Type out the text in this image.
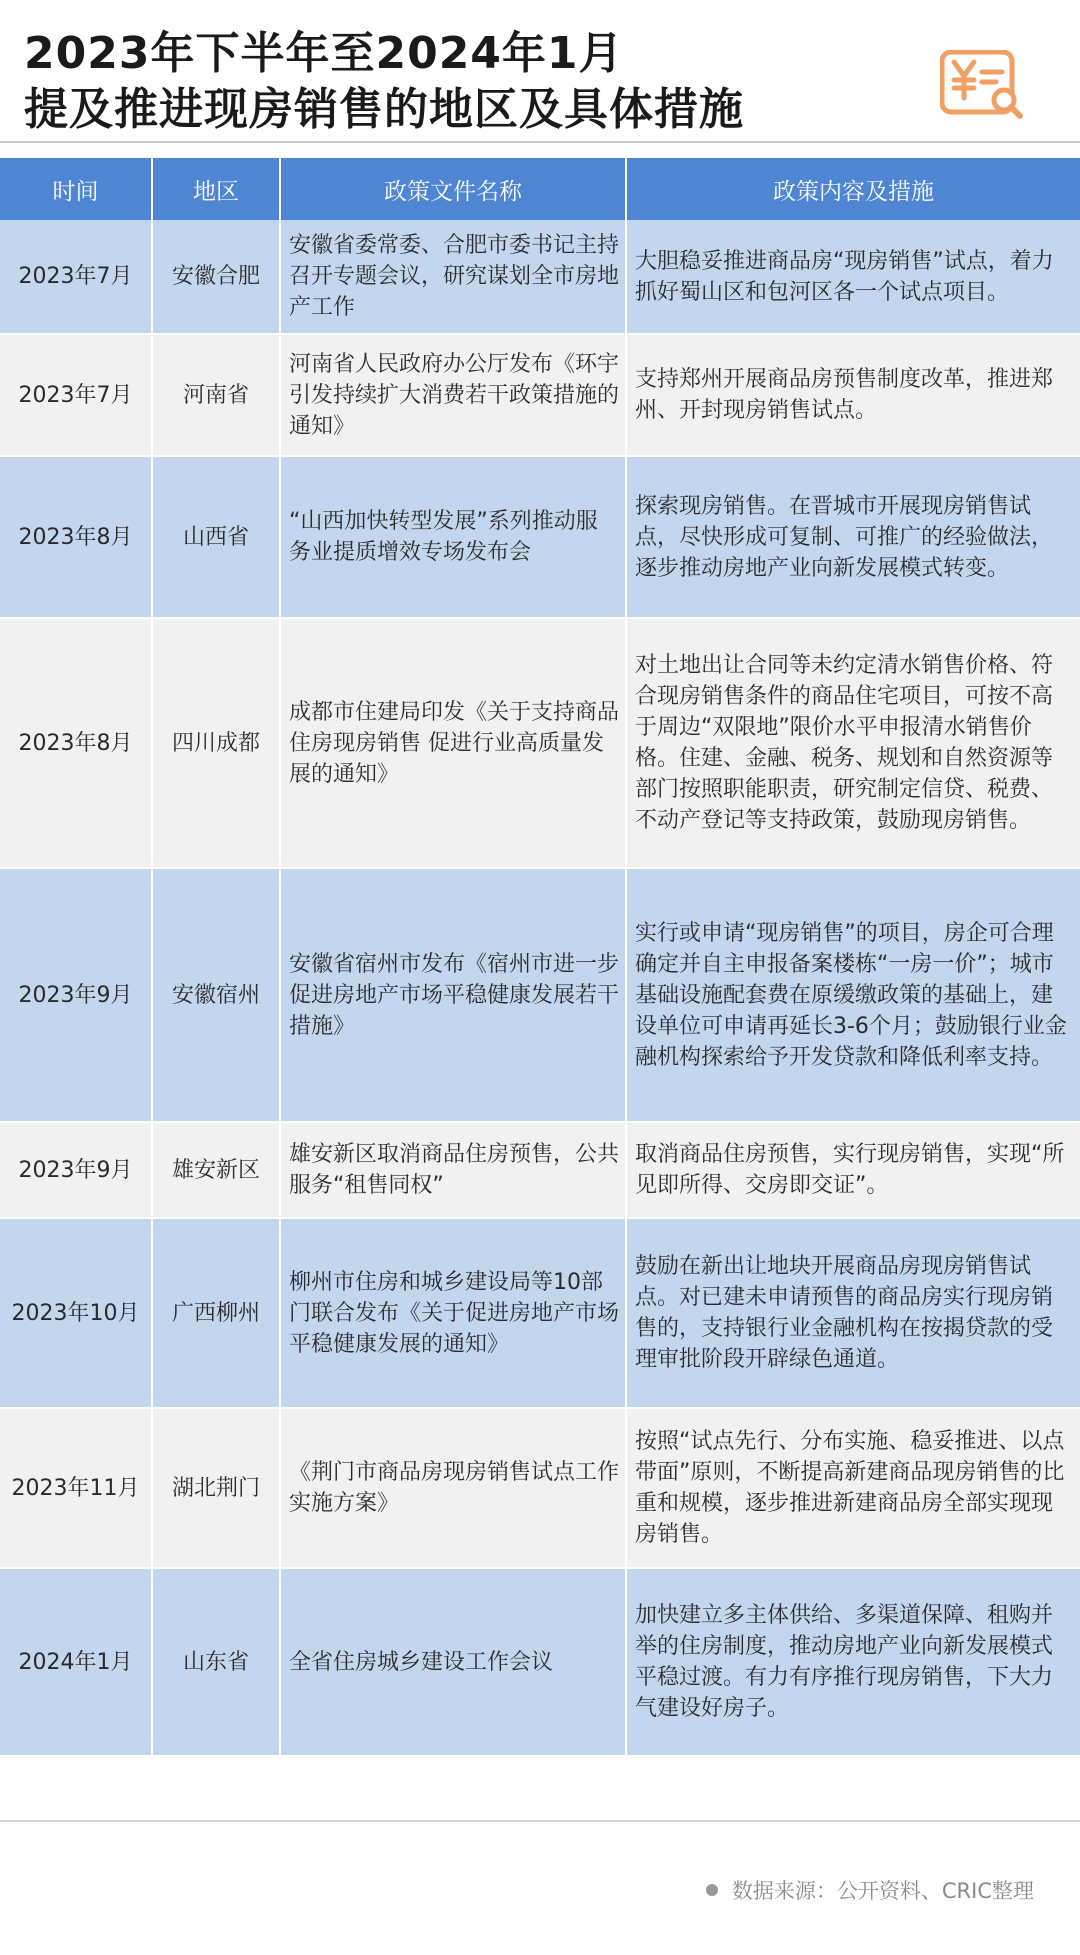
2023年下半年至2024年1月
提及推进现房销售的地区及具体措施
时间	地区	政策文件名称	政策内容及措施
2023年7月	安徽合肥	安徽省委常委、合肥市委书记主持召开专题会议，研究谋划全市房地产工作	大胆稳妥推进商品房“现房销售”试点，着力抓好蜀山区和包河区各一个试点项目。
2023年7月	河南省	河南省人民政府办公厅发布《环宇引发持续扩大消费若干政策措施的通知》	支持郑州开展商品房预售制度改革，推进郑州、开封现房销售试点。
2023年8月	山西省	“山西加快转型发展”系列推动服务业提质增效专场发布会	探索现房销售。在晋城市开展现房销售试点，尽快形成可复制、可推广的经验做法，逐步推动房地产业向新发展模式转变。
2023年8月	四川成都	成都市住建局印发《关于支持商品住房现房销售 促进行业高质量发展的通知》	对土地出让合同等未约定清水销售价格、符合现房销售条件的商品住宅项目，可按不高于周边“双限地”限价水平申报清水销售价格。住建、金融、税务、规划和自然资源等部门按照职能职责，研究制定信贷、税费、不动产登记等支持政策，鼓励现房销售。
2023年9月	安徽宿州	安徽省宿州市发布《宿州市进一步促进房地产市场平稳健康发展若干措施》	实行或申请“现房销售”的项目，房企可合理确定并自主申报备案楼栋“一房一价”；城市基础设施配套费在原缓缴政策的基础上，建设单位可申请再延长3-6个月；鼓励银行业金融机构探索给予开发贷款和降低利率支持。
2023年9月	雄安新区	雄安新区取消商品住房预售，公共服务“租售同权”	取消商品住房预售，实行现房销售，实现“所见即所得、交房即交证”。
2023年10月	广西柳州	柳州市住房和城乡建设局等10部门联合发布《关于促进房地产市场平稳健康发展的通知》	鼓励在新出让地块开展商品房现房销售试点。对已建未申请预售的商品房实行现房销售的，支持银行业金融机构在按揭贷款的受理审批阶段开辟绿色通道。
2023年11月	湖北荆门	《荆门市商品房现房销售试点工作实施方案》	按照“试点先行、分布实施、稳妥推进、以点带面”原则，不断提高新建商品现房销售的比重和规模，逐步推进新建商品房全部实现现房销售。
2024年1月	山东省	全省住房城乡建设工作会议	加快建立多主体供给、多渠道保障、租购并举的住房制度，推动房地产业向新发展模式平稳过渡。有力有序推行现房销售，下大力气建设好房子。
数据来源：公开资料、CRIC整理
